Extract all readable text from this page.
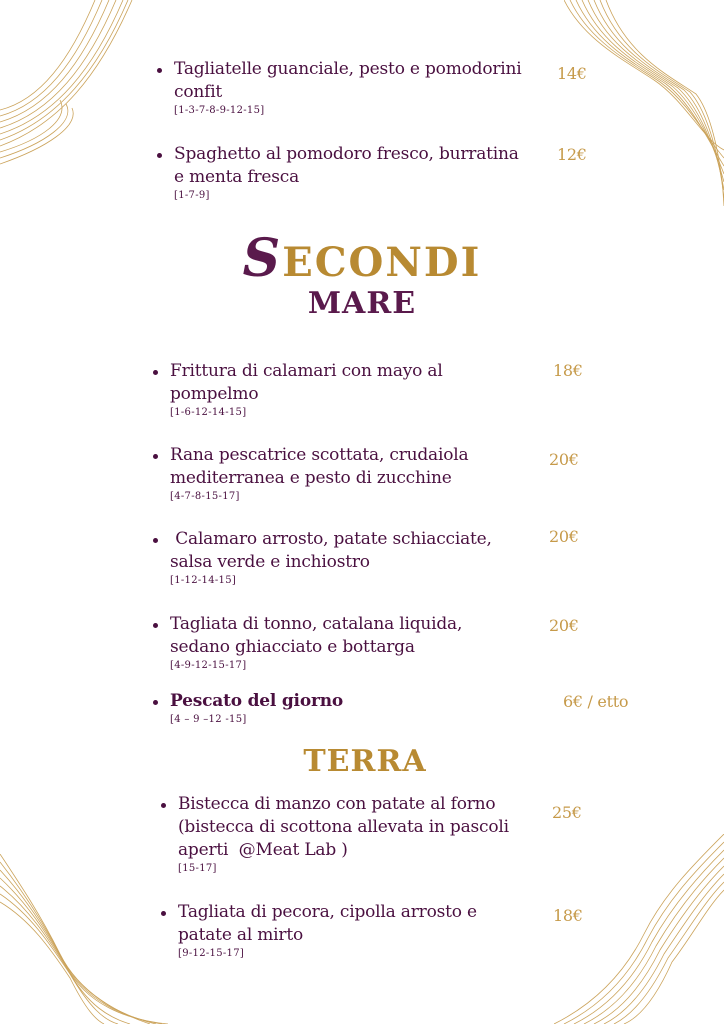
Tagliatelle guanciale, pesto e pomodorini
confit
[1-3-7-8-9-12-15]
14€
Spaghetto al pomodoro fresco, burratina
e menta fresca
[1-7-9]
12€
SECONDI
MARE
Frittura di calamari con mayo al
pompelmo
[1-6-12-14-15]
18€
Rana pescatrice scottata, crudaiola
mediterranea e pesto di zucchine
[4-7-8-15-17]
20€
Calamaro arrosto, patate schiacciate,
salsa verde e inchiostro
[1-12-14-15]
20€
Tagliata di tonno, catalana liquida,
sedano ghiacciato e bottarga
[4-9-12-15-17]
20€
Pescato del giorno
[4 – 9 –12 -15]
6€ / etto
TERRA
Bistecca di manzo con patate al forno
(bistecca di scottona allevata in pascoli
aperti  @Meat Lab )
[15-17]
25€
Tagliata di pecora, cipolla arrosto e
patate al mirto
[9-12-15-17]
18€
